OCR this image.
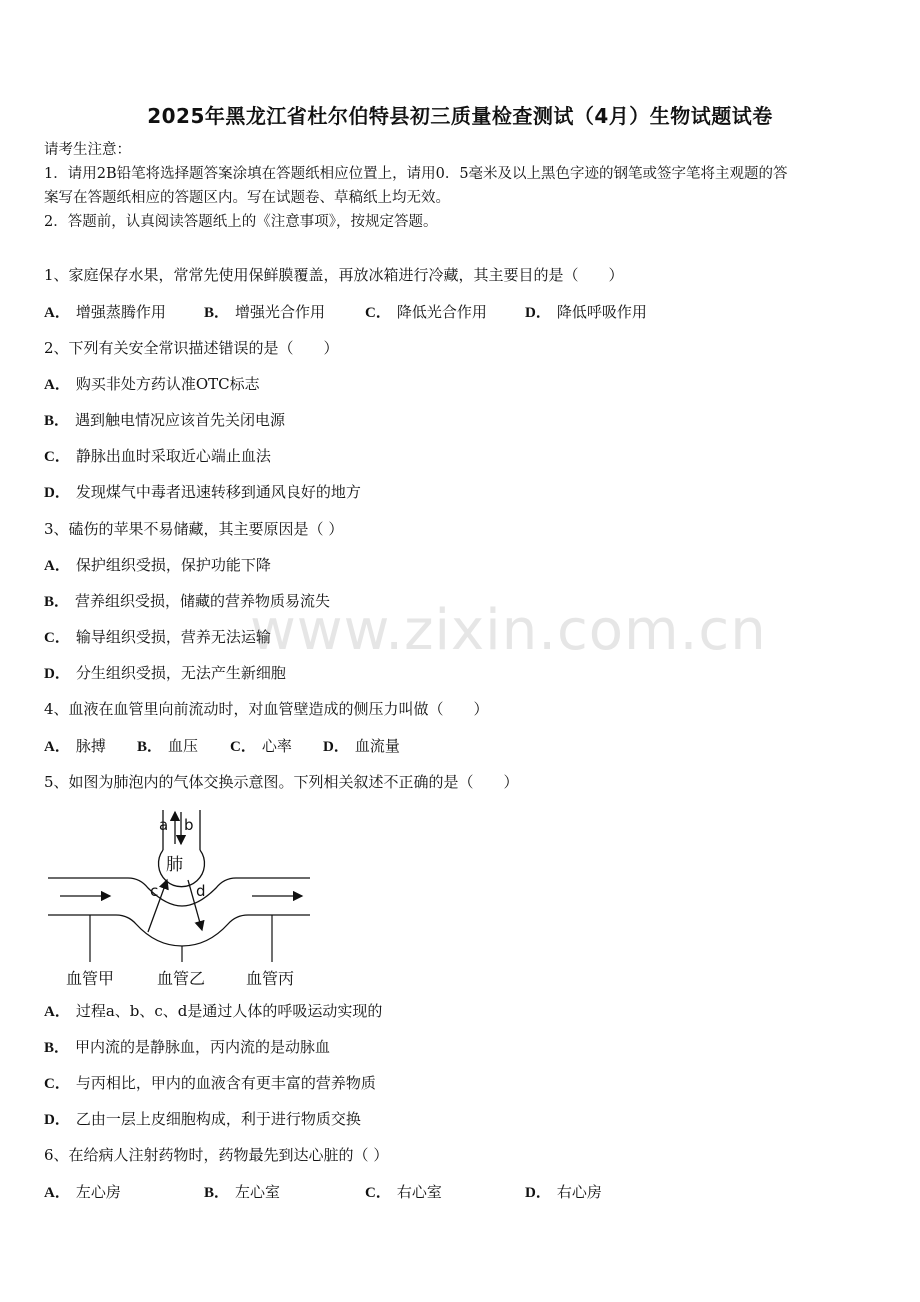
2025年黑龙江省杜尔伯特县初三质量检查测试（4月）生物试题试卷
请考生注意：
1．请用2B铅笔将选择题答案涂填在答题纸相应位置上，请用0．5毫米及以上黑色字迹的钢笔或签字笔将主观题的答
案写在答题纸相应的答题区内。写在试题卷、草稿纸上均无效。
2．答题前，认真阅读答题纸上的《注意事项》，按规定答题。
www.zixin.com.cn
1、家庭保存水果，常常先使用保鲜膜覆盖，再放冰箱进行冷藏，其主要目的是（　　）
A． 增强蒸腾作用	B． 增强光合作用	C． 降低光合作用	D． 降低呼吸作用
2、下列有关安全常识描述错误的是（　　）
A． 购买非处方药认准OTC标志
B． 遇到触电情况应该首先关闭电源
C． 静脉出血时采取近心端止血法
D． 发现煤气中毒者迅速转移到通风良好的地方
3、磕伤的苹果不易储藏，其主要原因是（ ）
A． 保护组织受损，保护功能下降
B． 营养组织受损，储藏的营养物质易流失
C． 输导组织受损，营养无法运输
D． 分生组织受损，无法产生新细胞
4、血液在血管里向前流动时，对血管壁造成的侧压力叫做（　　）
A． 脉搏 B． 血压 C． 心率 D． 血流量
5、如图为肺泡内的气体交换示意图。下列相关叙述不正确的是（　　）
a b
肺
c	d
血管甲	血管乙	血管丙
A． 过程a、b、c、d是通过人体的呼吸运动实现的
B． 甲内流的是静脉血，丙内流的是动脉血
C． 与丙相比，甲内的血液含有更丰富的营养物质
D． 乙由一层上皮细胞构成，利于进行物质交换
6、在给病人注射药物时，药物最先到达心脏的（ ）
A． 左心房	B． 左心室	C． 右心室	D． 右心房
